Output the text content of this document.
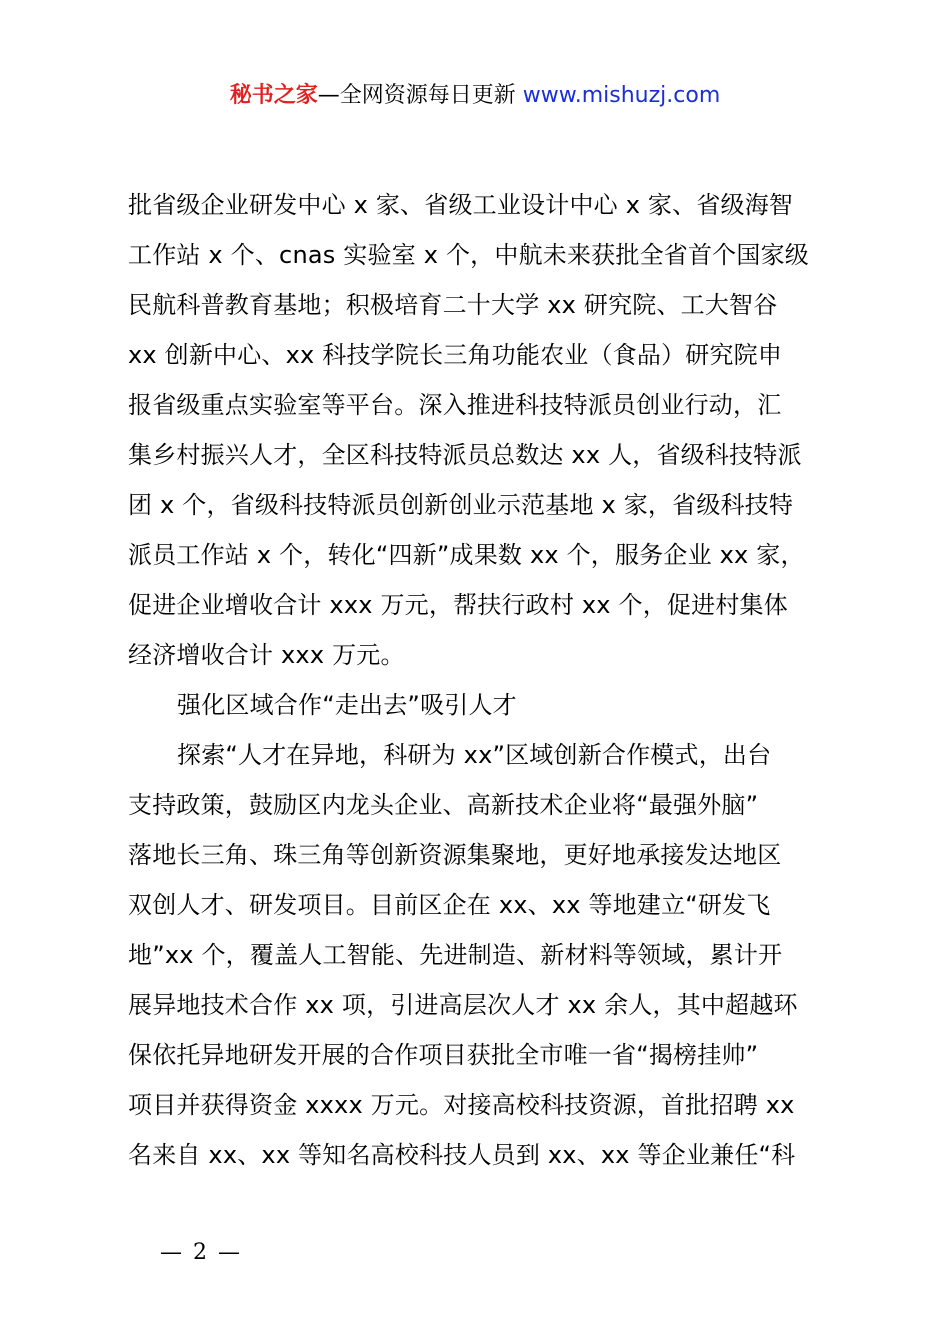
秘书之家—全网资源每日更新 www.mishuzj.com
批省级企业研发中心 x 家、省级工业设计中心 x 家、省级海智
工作站 x 个、cnas 实验室 x 个，中航未来获批全省首个国家级
民航科普教育基地；积极培育二十大学 xx 研究院、工大智谷
xx 创新中心、xx 科技学院长三角功能农业（食品）研究院申
报省级重点实验室等平台。深入推进科技特派员创业行动，汇
集乡村振兴人才，全区科技特派员总数达 xx 人，省级科技特派
团 x 个，省级科技特派员创新创业示范基地 x 家，省级科技特
派员工作站 x 个，转化“四新”成果数 xx 个，服务企业 xx 家，
促进企业增收合计 xxx 万元，帮扶行政村 xx 个，促进村集体
经济增收合计 xxx 万元。
强化区域合作“走出去”吸引人才
探索“人才在异地，科研为 xx”区域创新合作模式，出台
支持政策，鼓励区内龙头企业、高新技术企业将“最强外脑”
落地长三角、珠三角等创新资源集聚地，更好地承接发达地区
双创人才、研发项目。目前区企在 xx、xx 等地建立“研发飞
地”xx 个，覆盖人工智能、先进制造、新材料等领域，累计开
展异地技术合作 xx 项，引进高层次人才 xx 余人，其中超越环
保依托异地研发开展的合作项目获批全市唯一省“揭榜挂帅”
项目并获得资金 xxxx 万元。对接高校科技资源，首批招聘 xx
名来自 xx、xx 等知名高校科技人员到 xx、xx 等企业兼任“科
— 2 —
